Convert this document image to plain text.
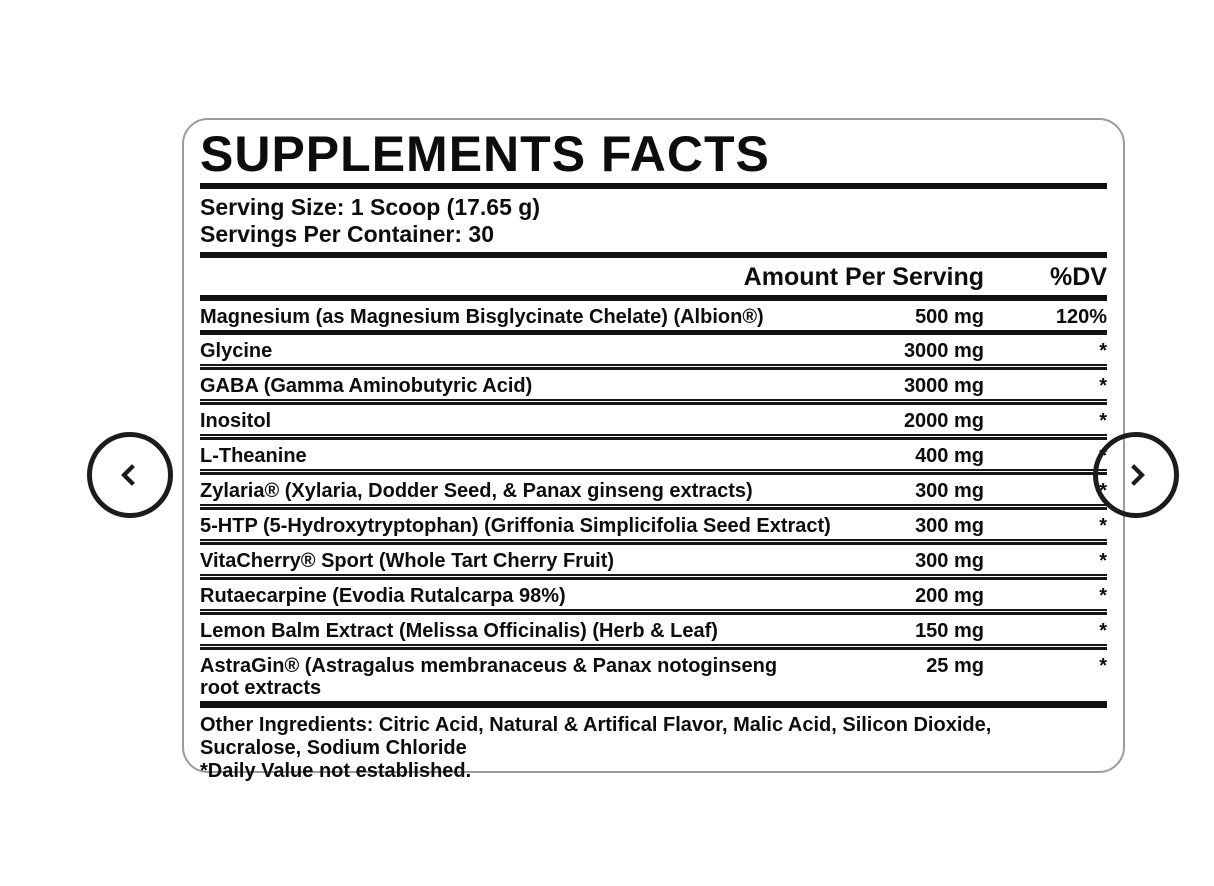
SUPPLEMENTS FACTS
Serving Size: 1 Scoop (17.65 g)
Servings Per Container: 30
Amount Per Serving	%DV
Magnesium (as Magnesium Bisglycinate Chelate) (Albion®)	500 mg	120%
Glycine	3000 mg	*
GABA (Gamma Aminobutyric Acid)	3000 mg	*
Inositol	2000 mg	*
L-Theanine	400 mg	*
Zylaria® (Xylaria, Dodder Seed, & Panax ginseng extracts)	300 mg	*
5-HTP (5-Hydroxytryptophan) (Griffonia Simplicifolia Seed Extract)	300 mg	*
VitaCherry® Sport (Whole Tart Cherry Fruit)	300 mg	*
Rutaecarpine (Evodia Rutalcarpa 98%)	200 mg	*
Lemon Balm Extract (Melissa Officinalis) (Herb & Leaf)	150 mg	*
AstraGin® (Astragalus membranaceus & Panax notoginseng
root extracts
25 mg	*
Other Ingredients: Citric Acid, Natural & Artifical Flavor, Malic Acid, Silicon Dioxide, Sucralose, Sodium Chloride
*Daily Value not established.
